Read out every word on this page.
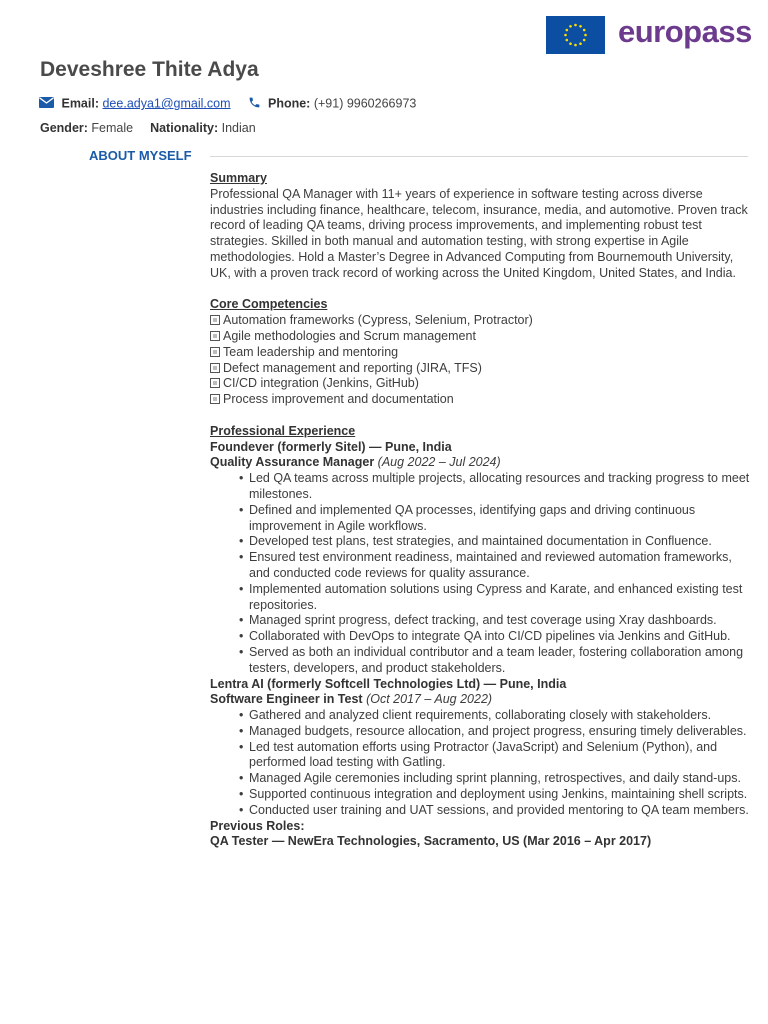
europass
Deveshree Thite Adya
Email: dee.adya1@gmail.com	Phone: (+91) 9960266973
Gender: Female Nationality: Indian
ABOUT MYSELF
Summary
Professional QA Manager with 11+ years of experience in software testing across diverse industries including finance, healthcare, telecom, insurance, media, and automotive. Proven track record of leading QA teams, driving process improvements, and implementing robust test strategies. Skilled in both manual and automation testing, with strong expertise in Agile methodologies. Hold a Master’s Degree in Advanced Computing from Bournemouth University, UK, with a proven track record of working across the United Kingdom, United States, and India.
Core Competencies
Automation frameworks (Cypress, Selenium, Protractor)
Agile methodologies and Scrum management
Team leadership and mentoring
Defect management and reporting (JIRA, TFS)
CI/CD integration (Jenkins, GitHub)
Process improvement and documentation
Professional Experience
Foundever (formerly Sitel) — Pune, India
Quality Assurance Manager (Aug 2022 – Jul 2024)
• Led QA teams across multiple projects, allocating resources and tracking progress to meet milestones.
• Defined and implemented QA processes, identifying gaps and driving continuous improvement in Agile workflows.
• Developed test plans, test strategies, and maintained documentation in Confluence.
• Ensured test environment readiness, maintained and reviewed automation frameworks, and conducted code reviews for quality assurance.
• Implemented automation solutions using Cypress and Karate, and enhanced existing test repositories.
• Managed sprint progress, defect tracking, and test coverage using Xray dashboards.
• Collaborated with DevOps to integrate QA into CI/CD pipelines via Jenkins and GitHub.
• Served as both an individual contributor and a team leader, fostering collaboration among testers, developers, and product stakeholders.
Lentra AI (formerly Softcell Technologies Ltd) — Pune, India
Software Engineer in Test (Oct 2017 – Aug 2022)
• Gathered and analyzed client requirements, collaborating closely with stakeholders.
• Managed budgets, resource allocation, and project progress, ensuring timely deliverables.
• Led test automation efforts using Protractor (JavaScript) and Selenium (Python), and performed load testing with Gatling.
• Managed Agile ceremonies including sprint planning, retrospectives, and daily stand-ups.
• Supported continuous integration and deployment using Jenkins, maintaining shell scripts.
• Conducted user training and UAT sessions, and provided mentoring to QA team members.
Previous Roles:
QA Tester — NewEra Technologies, Sacramento, US (Mar 2016 – Apr 2017)
